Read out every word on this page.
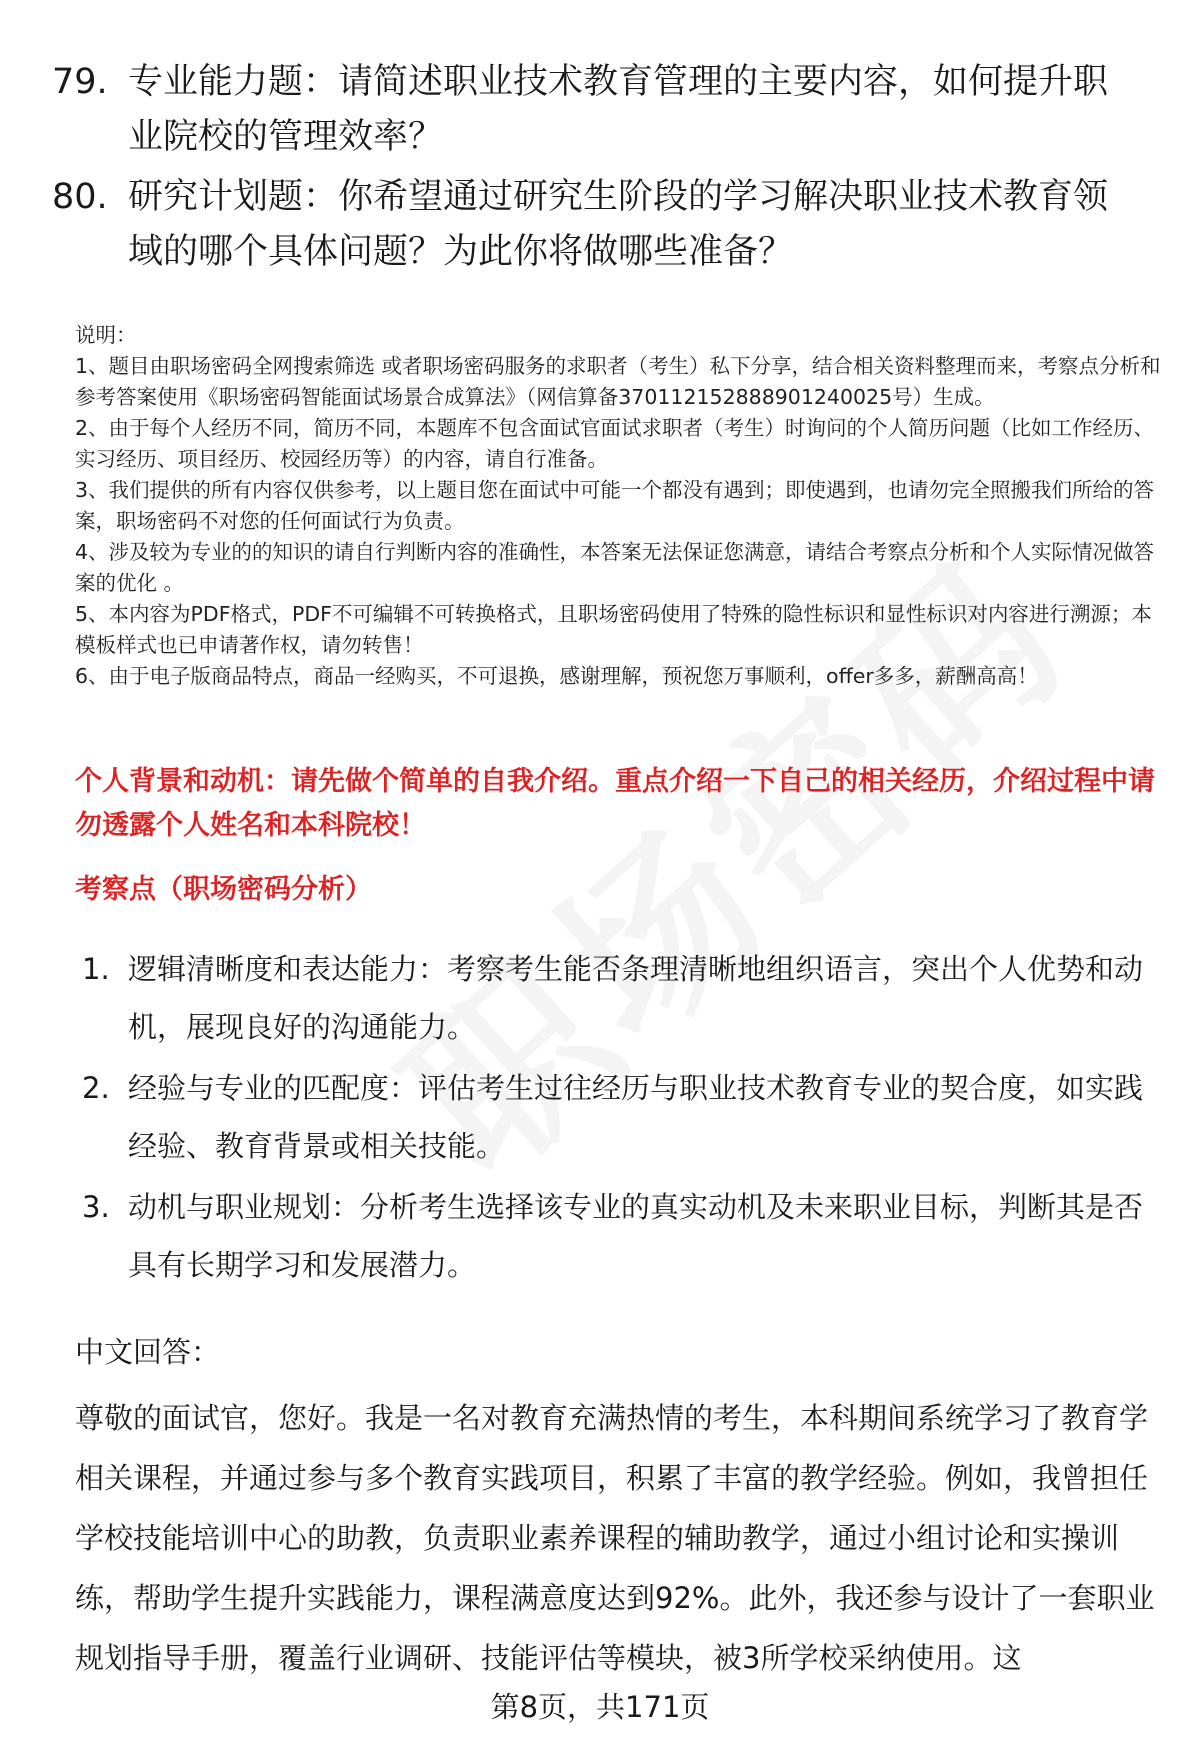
79. 专业能力题：请简述职业技术教育管理的主要内容，如何提升职业院校的管理效率？
80. 研究计划题：你希望通过研究生阶段的学习解决职业技术教育领域的哪个具体问题？为此你将做哪些准备？
说明：
1、题目由职场密码全网搜索筛选 或者职场密码服务的求职者（考生）私下分享，结合相关资料整理而来，考察点分析和参考答案使用《职场密码智能面试场景合成算法》（网信算备370112152888901240025号）生成。
2、由于每个人经历不同，简历不同，本题库不包含面试官面试求职者（考生）时询问的个人简历问题（比如工作经历、实习经历、项目经历、校园经历等）的内容，请自行准备。
3、我们提供的所有内容仅供参考，以上题目您在面试中可能一个都没有遇到；即使遇到，也请勿完全照搬我们所给的答案，职场密码不对您的任何面试行为负责。
4、涉及较为专业的的知识的请自行判断内容的准确性，本答案无法保证您满意，请结合考察点分析和个人实际情况做答案的优化 。
5、本内容为PDF格式，PDF不可编辑不可转换格式，且职场密码使用了特殊的隐性标识和显性标识对内容进行溯源；本模板样式也已申请著作权，请勿转售！
6、由于电子版商品特点，商品一经购买，不可退换，感谢理解，预祝您万事顺利，offer多多，薪酬高高！
个人背景和动机：请先做个简单的自我介绍。重点介绍一下自己的相关经历，介绍过程中请勿透露个人姓名和本科院校！
考察点（职场密码分析）
1. 逻辑清晰度和表达能力：考察考生能否条理清晰地组织语言，突出个人优势和动机，展现良好的沟通能力。
2. 经验与专业的匹配度：评估考生过往经历与职业技术教育专业的契合度，如实践经验、教育背景或相关技能。
3. 动机与职业规划：分析考生选择该专业的真实动机及未来职业目标，判断其是否具有长期学习和发展潜力。
中文回答：
尊敬的面试官，您好。我是一名对教育充满热情的考生，本科期间系统学习了教育学相关课程，并通过参与多个教育实践项目，积累了丰富的教学经验。例如，我曾担任学校技能培训中心的助教，负责职业素养课程的辅助教学，通过小组讨论和实操训练，帮助学生提升实践能力，课程满意度达到92%。此外，我还参与设计了一套职业规划指导手册，覆盖行业调研、技能评估等模块，被3所学校采纳使用。这
第8页，共171页
